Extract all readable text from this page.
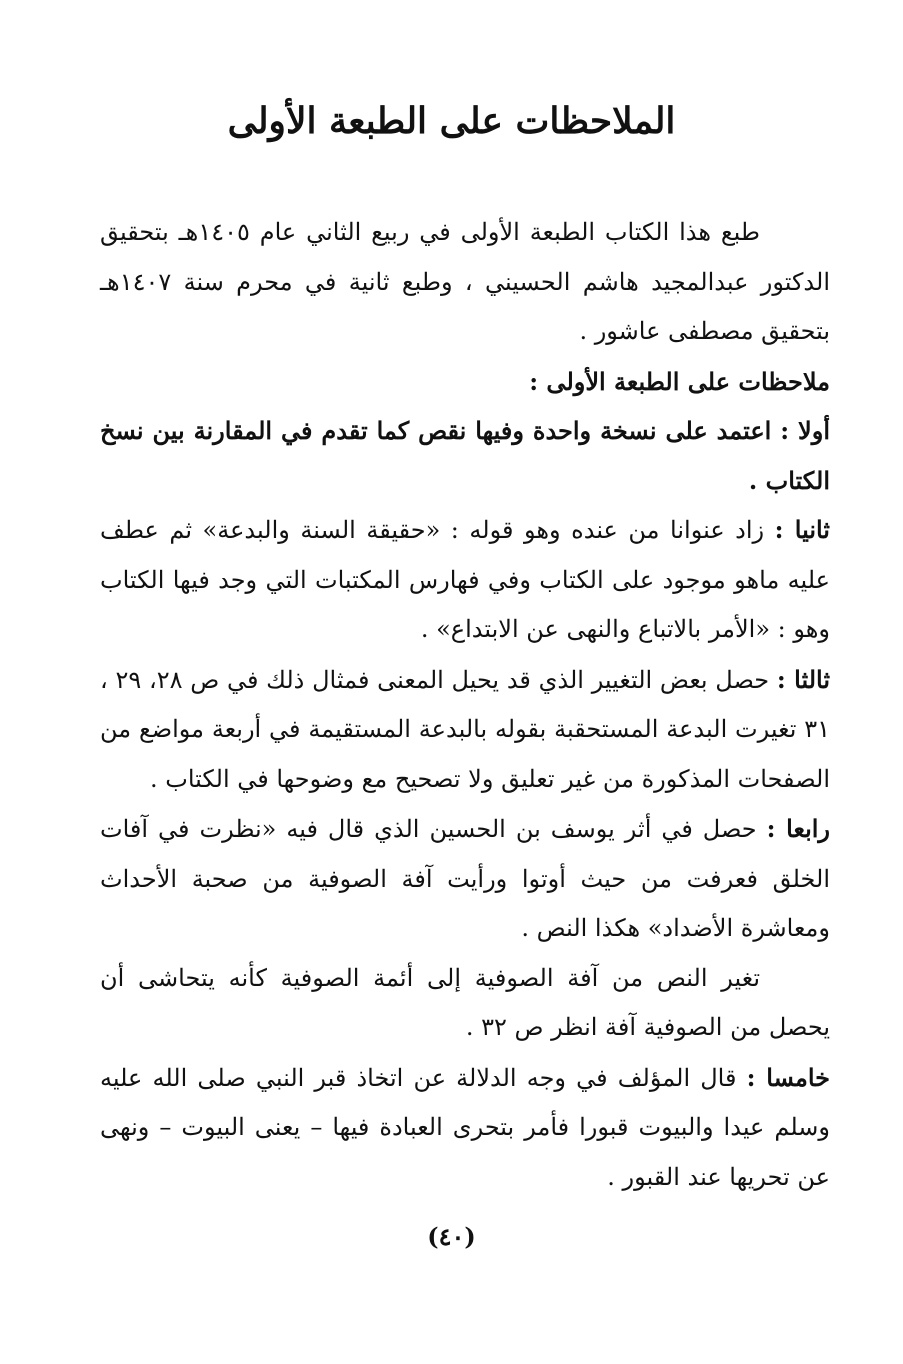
الملاحظات على الطبعة الأولى

طبع هذا الكتاب الطبعة الأولى في ربيع الثاني عام ١٤٠٥هـ بتحقيق الدكتور عبدالمجيد هاشم الحسيني ، وطبع ثانية في محرم سنة ١٤٠٧هـ بتحقيق مصطفى عاشور .

ملاحظات على الطبعة الأولى :

أولا : اعتمد على نسخة واحدة وفيها نقص كما تقدم في المقارنة بين نسخ الكتاب .

ثانيا : زاد عنوانا من عنده وهو قوله : «حقيقة السنة والبدعة» ثم عطف عليه ماهو موجود على الكتاب وفي فهارس المكتبات التي وجد فيها الكتاب وهو : «الأمر بالاتباع والنهى عن الابتداع» .

ثالثا : حصل بعض التغيير الذي قد يحيل المعنى فمثال ذلك في ص ٢٨، ٢٩ ، ٣١ تغيرت البدعة المستحقبة بقوله بالبدعة المستقيمة في أربعة مواضع من الصفحات المذكورة من غير تعليق ولا تصحيح مع وضوحها في الكتاب .

رابعا : حصل في أثر يوسف بن الحسين الذي قال فيه «نظرت في آفات الخلق فعرفت من حيث أوتوا ورأيت آفة الصوفية من صحبة الأحداث ومعاشرة الأضداد» هكذا النص .

تغير النص من آفة الصوفية إلى أئمة الصوفية كأنه يتحاشى أن يحصل من الصوفية آفة انظر ص ٣٢ .

خامسا : قال المؤلف في وجه الدلالة عن اتخاذ قبر النبي صلى الله عليه وسلم عيدا والبيوت قبورا فأمر بتحرى العبادة فيها – يعنى البيوت – ونهى عن تحريها عند القبور .

(٤٠)
